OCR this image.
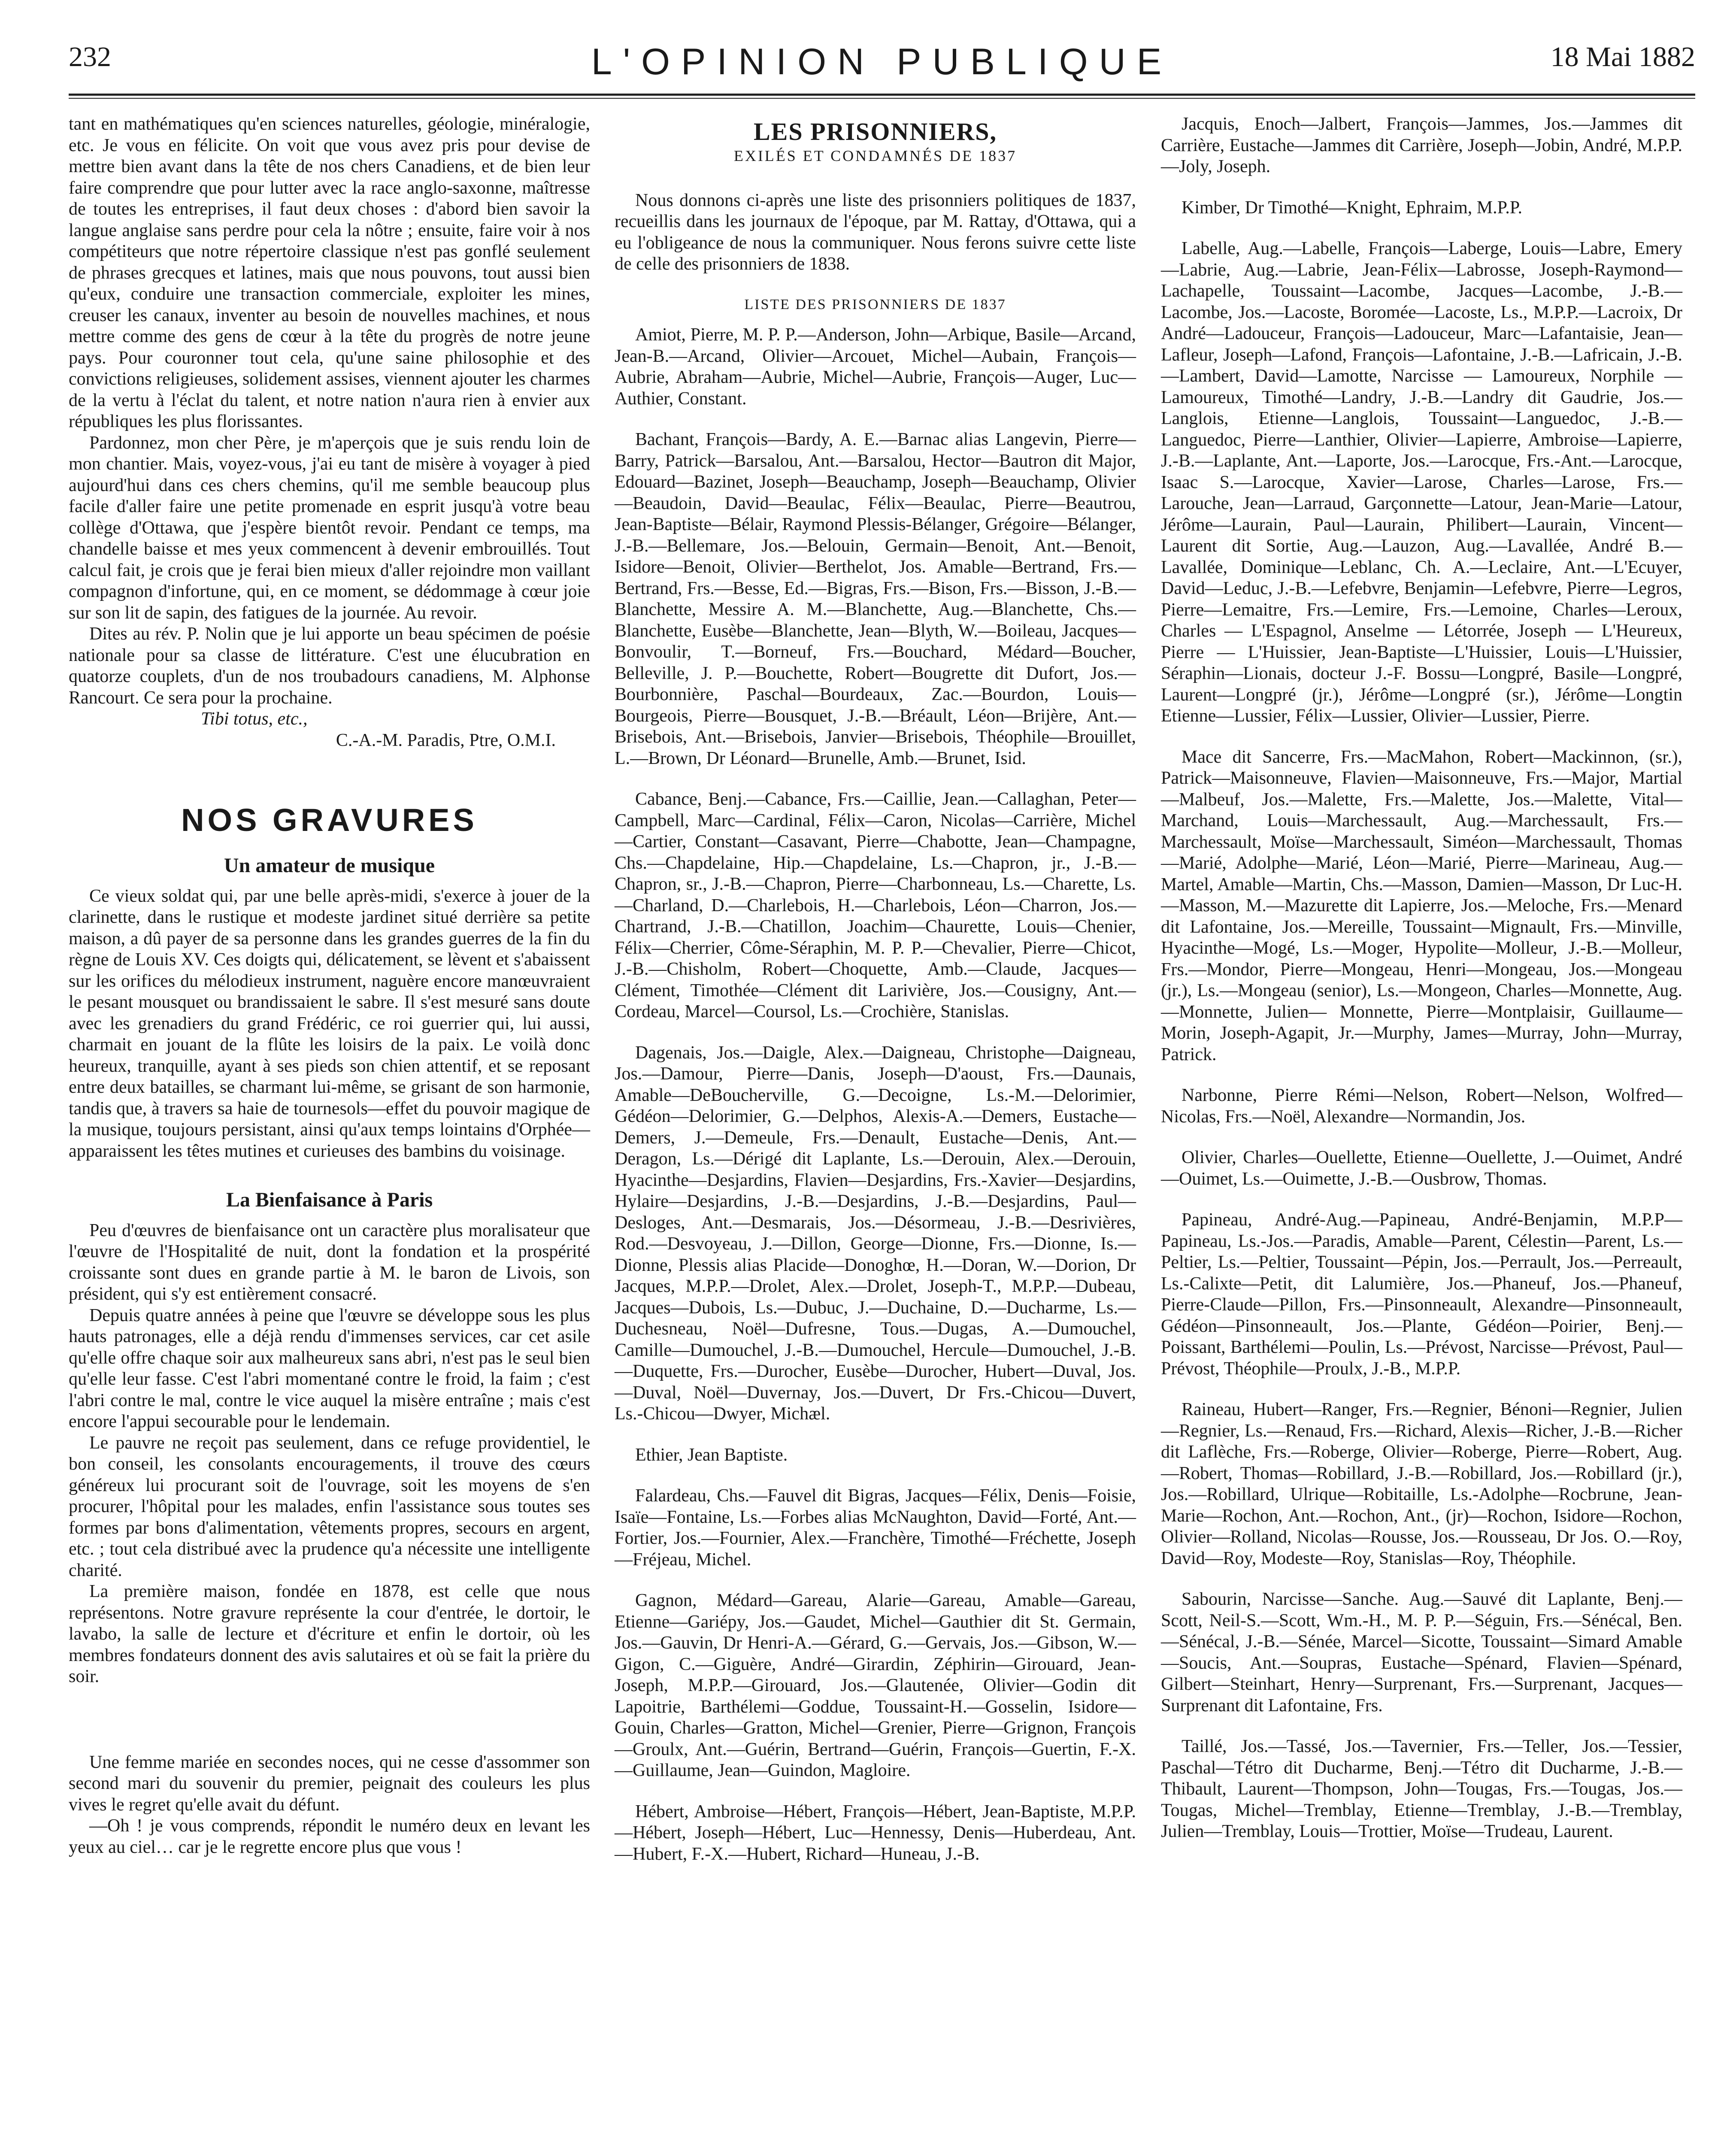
232	L'OPINION PUBLIQUE	18 Mai 1882

tant en mathématiques qu'en sciences naturelles, géologie, minéralogie, etc. Je vous en félicite. On voit que vous avez pris pour devise de mettre bien avant dans la tête de nos chers Canadiens, et de bien leur faire comprendre que pour lutter avec la race anglo-saxonne, maîtresse de toutes les entreprises, il faut deux choses : d'abord bien savoir la langue anglaise sans perdre pour cela la nôtre ; ensuite, faire voir à nos compétiteurs que notre répertoire classique n'est pas gonflé seulement de phrases grecques et latines, mais que nous pouvons, tout aussi bien qu'eux, conduire une transaction commerciale, exploiter les mines, creuser les canaux, inventer au besoin de nouvelles machines, et nous mettre comme des gens de cœur à la tête du progrès de notre jeune pays. Pour couronner tout cela, qu'une saine philosophie et des convictions religieuses, solidement assises, viennent ajouter les charmes de la vertu à l'éclat du talent, et notre nation n'aura rien à envier aux républiques les plus florissantes.

Pardonnez, mon cher Père, je m'aperçois que je suis rendu loin de mon chantier. Mais, voyez-vous, j'ai eu tant de misère à voyager à pied aujourd'hui dans ces chers chemins, qu'il me semble beaucoup plus facile d'aller faire une petite promenade en esprit jusqu'à votre beau collège d'Ottawa, que j'espère bientôt revoir. Pendant ce temps, ma chandelle baisse et mes yeux commencent à devenir embrouillés. Tout calcul fait, je crois que je ferai bien mieux d'aller rejoindre mon vaillant compagnon d'infortune, qui, en ce moment, se dédommage à cœur joie sur son lit de sapin, des fatigues de la journée. Au revoir.

Dites au rév. P. Nolin que je lui apporte un beau spécimen de poésie nationale pour sa classe de littérature. C'est une élucubration en quatorze couplets, d'un de nos troubadours canadiens, M. Alphonse Rancourt. Ce sera pour la prochaine.

Tibi totus, etc.,

C.-A.-M. Paradis, Ptre, O.M.I.

NOS GRAVURES
Un amateur de musique

Ce vieux soldat qui, par une belle après-midi, s'exerce à jouer de la clarinette, dans le rustique et modeste jardinet situé derrière sa petite maison, a dû payer de sa personne dans les grandes guerres de la fin du règne de Louis XV. Ces doigts qui, délicatement, se lèvent et s'abaissent sur les orifices du mélodieux instrument, naguère encore manœuvraient le pesant mousquet ou brandissaient le sabre. Il s'est mesuré sans doute avec les grenadiers du grand Frédéric, ce roi guerrier qui, lui aussi, charmait en jouant de la flûte les loisirs de la paix. Le voilà donc heureux, tranquille, ayant à ses pieds son chien attentif, et se reposant entre deux batailles, se charmant lui-même, se grisant de son harmonie, tandis que, à travers sa haie de tournesols—effet du pouvoir magique de la musique, toujours persistant, ainsi qu'aux temps lointains d'Orphée—apparaissent les têtes mutines et curieuses des bambins du voisinage.

La Bienfaisance à Paris

Peu d'œuvres de bienfaisance ont un caractère plus moralisateur que l'œuvre de l'Hospitalité de nuit, dont la fondation et la prospérité croissante sont dues en grande partie à M. le baron de Livois, son président, qui s'y est entièrement consacré.

Depuis quatre années à peine que l'œuvre se développe sous les plus hauts patronages, elle a déjà rendu d'immenses services, car cet asile qu'elle offre chaque soir aux malheureux sans abri, n'est pas le seul bien qu'elle leur fasse. C'est l'abri momentané contre le froid, la faim ; c'est l'abri contre le mal, contre le vice auquel la misère entraîne ; mais c'est encore l'appui secourable pour le lendemain.

Le pauvre ne reçoit pas seulement, dans ce refuge providentiel, le bon conseil, les consolants encouragements, il trouve des cœurs généreux lui procurant soit de l'ouvrage, soit les moyens de s'en procurer, l'hôpital pour les malades, enfin l'assistance sous toutes ses formes par bons d'alimentation, vêtements propres, secours en argent, etc. ; tout cela distribué avec la prudence qu'a nécessite une intelligente charité.

La première maison, fondée en 1878, est celle que nous représentons. Notre gravure représente la cour d'entrée, le dortoir, le lavabo, la salle de lecture et d'écriture et enfin le dortoir, où les membres fondateurs donnent des avis salutaires et où se fait la prière du soir.

Une femme mariée en secondes noces, qui ne cesse d'assommer son second mari du souvenir du premier, peignait des couleurs les plus vives le regret qu'elle avait du défunt.

—Oh ! je vous comprends, répondit le numéro deux en levant les yeux au ciel… car je le regrette encore plus que vous !

LES PRISONNIERS,
EXILÉS ET CONDAMNÉS DE 1837

Nous donnons ci-après une liste des prisonniers politiques de 1837, recueillis dans les journaux de l'époque, par M. Rattay, d'Ottawa, qui a eu l'obligeance de nous la communiquer. Nous ferons suivre cette liste de celle des prisonniers de 1838.

LISTE DES PRISONNIERS DE 1837

Amiot, Pierre, M. P. P.—Anderson, John—Arbique, Basile—Arcand, Jean-B.—Arcand, Olivier—Arcouet, Michel—Aubain, François—Aubrie, Abraham—Aubrie, Michel—Aubrie, François—Auger, Luc—Authier, Constant.

Bachant, François—Bardy, A. E.—Barnac alias Langevin, Pierre—Barry, Patrick—Barsalou, Ant.—Barsalou, Hector—Bautron dit Major, Edouard—Bazinet, Joseph—Beauchamp, Joseph—Beauchamp, Olivier—Beaudoin, David—Beaulac, Félix—Beaulac, Pierre—Beautrou, Jean-Baptiste—Bélair, Raymond Plessis-Bélanger, Grégoire—Bélanger, J.-B.—Bellemare, Jos.—Belouin, Germain—Benoit, Ant.—Benoit, Isidore—Benoit, Olivier—Berthelot, Jos. Amable—Bertrand, Frs.—Bertrand, Frs.—Besse, Ed.—Bigras, Frs.—Bison, Frs.—Bisson, J.-B.—Blanchette, Messire A. M.—Blanchette, Aug.—Blanchette, Chs.—Blanchette, Eusèbe—Blanchette, Jean—Blyth, W.—Boileau, Jacques—Bonvoulir, T.—Borneuf, Frs.—Bouchard, Médard—Boucher, Belleville, J. P.—Bouchette, Robert—Bougrette dit Dufort, Jos.—Bourbonnière, Paschal—Bourdeaux, Zac.—Bourdon, Louis—Bourgeois, Pierre—Bousquet, J.-B.—Bréault, Léon—Brijère, Ant.—Brisebois, Ant.—Brisebois, Janvier—Brisebois, Théophile—Brouillet, L.—Brown, Dr Léonard—Brunelle, Amb.—Brunet, Isid.

Cabance, Benj.—Cabance, Frs.—Caillie, Jean.—Callaghan, Peter—Campbell, Marc—Cardinal, Félix—Caron, Nicolas—Carrière, Michel—Cartier, Constant—Casavant, Pierre—Chabotte, Jean—Champagne, Chs.—Chapdelaine, Hip.—Chapdelaine, Ls.—Chapron, jr., J.-B.—Chapron, sr., J.-B.—Chapron, Pierre—Charbonneau, Ls.—Charette, Ls.—Charland, D.—Charlebois, H.—Charlebois, Léon—Charron, Jos.—Chartrand, J.-B.—Chatillon, Joachim—Chaurette, Louis—Chenier, Félix—Cherrier, Côme-Séraphin, M. P. P.—Chevalier, Pierre—Chicot, J.-B.—Chisholm, Robert—Choquette, Amb.—Claude, Jacques—Clément, Timothée—Clément dit Larivière, Jos.—Cousigny, Ant.—Cordeau, Marcel—Coursol, Ls.—Crochière, Stanislas.

Dagenais, Jos.—Daigle, Alex.—Daigneau, Christophe—Daigneau, Jos.—Damour, Pierre—Danis, Joseph—D'aoust, Frs.—Daunais, Amable—DeBoucherville, G.—Decoigne, Ls.-M.—Delorimier, Gédéon—Delorimier, G.—Delphos, Alexis-A.—Demers, Eustache—Demers, J.—Demeule, Frs.—Denault, Eustache—Denis, Ant.—Deragon, Ls.—Dérigé dit Laplante, Ls.—Derouin, Alex.—Derouin, Hyacinthe—Desjardins, Flavien—Desjardins, Frs.-Xavier—Desjardins, Hylaire—Desjardins, J.-B.—Desjardins, J.-B.—Desjardins, Paul—Desloges, Ant.—Desmarais, Jos.—Désormeau, J.-B.—Desrivières, Rod.—Desvoyeau, J.—Dillon, George—Dionne, Frs.—Dionne, Is.—Dionne, Plessis alias Placide—Donoghœ, H.—Doran, W.—Dorion, Dr Jacques, M.P.P.—Drolet, Alex.—Drolet, Joseph-T., M.P.P.—Dubeau, Jacques—Dubois, Ls.—Dubuc, J.—Duchaine, D.—Ducharme, Ls.—Duchesneau, Noël—Dufresne, Tous.—Dugas, A.—Dumouchel, Camille—Dumouchel, J.-B.—Dumouchel, Hercule—Dumouchel, J.-B.—Duquette, Frs.—Durocher, Eusèbe—Durocher, Hubert—Duval, Jos.—Duval, Noël—Duvernay, Jos.—Duvert, Dr Frs.-Chicou—Duvert, Ls.-Chicou—Dwyer, Michæl.

Ethier, Jean Baptiste.

Falardeau, Chs.—Fauvel dit Bigras, Jacques—Félix, Denis—Foisie, Isaïe—Fontaine, Ls.—Forbes alias McNaughton, David—Forté, Ant.—Fortier, Jos.—Fournier, Alex.—Franchère, Timothé—Fréchette, Joseph—Fréjeau, Michel.

Gagnon, Médard—Gareau, Alarie—Gareau, Amable—Gareau, Etienne—Gariépy, Jos.—Gaudet, Michel—Gauthier dit St. Germain, Jos.—Gauvin, Dr Henri-A.—Gérard, G.—Gervais, Jos.—Gibson, W.—Gigon, C.—Giguère, André—Girardin, Zéphirin—Girouard, Jean-Joseph, M.P.P.—Girouard, Jos.—Glautenée, Olivier—Godin dit Lapoitrie, Barthélemi—Goddue, Toussaint-H.—Gosselin, Isidore—Gouin, Charles—Gratton, Michel—Grenier, Pierre—Grignon, François—Groulx, Ant.—Guérin, Bertrand—Guérin, François—Guertin, F.-X.—Guillaume, Jean—Guindon, Magloire.

Hébert, Ambroise—Hébert, François—Hébert, Jean-Baptiste, M.P.P.—Hébert, Joseph—Hébert, Luc—Hennessy, Denis—Huberdeau, Ant.—Hubert, F.-X.—Hubert, Richard—Huneau, J.-B.

Jacquis, Enoch—Jalbert, François—Jammes, Jos.—Jammes dit Carrière, Eustache—Jammes dit Carrière, Joseph—Jobin, André, M.P.P.—Joly, Joseph.

Kimber, Dr Timothé—Knight, Ephraim, M.P.P.

Labelle, Aug.—Labelle, François—Laberge, Louis—Labre, Emery—Labrie, Aug.—Labrie, Jean-Félix—Labrosse, Joseph-Raymond—Lachapelle, Toussaint—Lacombe, Jacques—Lacombe, J.-B.—Lacombe, Jos.—Lacoste, Boromée—Lacoste, Ls., M.P.P.—Lacroix, Dr André—Ladouceur, François—Ladouceur, Marc—Lafantaisie, Jean—Lafleur, Joseph—Lafond, François—Lafontaine, J.-B.—Lafricain, J.-B.—Lambert, David—Lamotte, Narcisse — Lamoureux, Norphile — Lamoureux, Timothé—Landry, J.-B.—Landry dit Gaudrie, Jos.—Langlois, Etienne—Langlois, Toussaint—Languedoc, J.-B.—Languedoc, Pierre—Lanthier, Olivier—Lapierre, Ambroise—Lapierre, J.-B.—Laplante, Ant.—Laporte, Jos.—Larocque, Frs.-Ant.—Larocque, Isaac S.—Larocque, Xavier—Larose, Charles—Larose, Frs.—Larouche, Jean—Larraud, Garçonnette—Latour, Jean-Marie—Latour, Jérôme—Laurain, Paul—Laurain, Philibert—Laurain, Vincent—Laurent dit Sortie, Aug.—Lauzon, Aug.—Lavallée, André B.—Lavallée, Dominique—Leblanc, Ch. A.—Leclaire, Ant.—L'Ecuyer, David—Leduc, J.-B.—Lefebvre, Benjamin—Lefebvre, Pierre—Legros, Pierre—Lemaitre, Frs.—Lemire, Frs.—Lemoine, Charles—Leroux, Charles — L'Espagnol, Anselme — Létorrée, Joseph — L'Heureux, Pierre — L'Huissier, Jean-Baptiste—L'Huissier, Louis—L'Huissier, Séraphin—Lionais, docteur J.-F. Bossu—Longpré, Basile—Longpré, Laurent—Longpré (jr.), Jérôme—Longpré (sr.), Jérôme—Longtin Etienne—Lussier, Félix—Lussier, Olivier—Lussier, Pierre.

Mace dit Sancerre, Frs.—MacMahon, Robert—Mackinnon, (sr.), Patrick—Maisonneuve, Flavien—Maisonneuve, Frs.—Major, Martial—Malbeuf, Jos.—Malette, Frs.—Malette, Jos.—Malette, Vital—Marchand, Louis—Marchessault, Aug.—Marchessault, Frs.—Marchessault, Moïse—Marchessault, Siméon—Marchessault, Thomas—Marié, Adolphe—Marié, Léon—Marié, Pierre—Marineau, Aug.—Martel, Amable—Martin, Chs.—Masson, Damien—Masson, Dr Luc-H.—Masson, M.—Mazurette dit Lapierre, Jos.—Meloche, Frs.—Menard dit Lafontaine, Jos.—Mereille, Toussaint—Mignault, Frs.—Minville, Hyacinthe—Mogé, Ls.—Moger, Hypolite—Molleur, J.-B.—Molleur, Frs.—Mondor, Pierre—Mongeau, Henri—Mongeau, Jos.—Mongeau (jr.), Ls.—Mongeau (senior), Ls.—Mongeon, Charles—Monnette, Aug.—Monnette, Julien— Monnette, Pierre—Montplaisir, Guillaume—Morin, Joseph-Agapit, Jr.—Murphy, James—Murray, John—Murray, Patrick.

Narbonne, Pierre Rémi—Nelson, Robert—Nelson, Wolfred—Nicolas, Frs.—Noël, Alexandre—Normandin, Jos.

Olivier, Charles—Ouellette, Etienne—Ouellette, J.—Ouimet, André—Ouimet, Ls.—Ouimette, J.-B.—Ousbrow, Thomas.

Papineau, André-Aug.—Papineau, André-Benjamin, M.P.P—Papineau, Ls.-Jos.—Paradis, Amable—Parent, Célestin—Parent, Ls.—Peltier, Ls.—Peltier, Toussaint—Pépin, Jos.—Perrault, Jos.—Perreault, Ls.-Calixte—Petit, dit Lalumière, Jos.—Phaneuf, Jos.—Phaneuf, Pierre-Claude—Pillon, Frs.—Pinsonneault, Alexandre—Pinsonneault, Gédéon—Pinsonneault, Jos.—Plante, Gédéon—Poirier, Benj.—Poissant, Barthélemi—Poulin, Ls.—Prévost, Narcisse—Prévost, Paul—Prévost, Théophile—Proulx, J.-B., M.P.P.

Raineau, Hubert—Ranger, Frs.—Regnier, Bénoni—Regnier, Julien—Regnier, Ls.—Renaud, Frs.—Richard, Alexis—Richer, J.-B.—Richer dit Laflèche, Frs.—Roberge, Olivier—Roberge, Pierre—Robert, Aug.—Robert, Thomas—Robillard, J.-B.—Robillard, Jos.—Robillard (jr.), Jos.—Robillard, Ulrique—Robitaille, Ls.-Adolphe—Rocbrune, Jean-Marie—Rochon, Ant.—Rochon, Ant., (jr)—Rochon, Isidore—Rochon, Olivier—Rolland, Nicolas—Rousse, Jos.—Rousseau, Dr Jos. O.—Roy, David—Roy, Modeste—Roy, Stanislas—Roy, Théophile.

Sabourin, Narcisse—Sanche. Aug.—Sauvé dit Laplante, Benj.—Scott, Neil-S.—Scott, Wm.-H., M. P. P.—Séguin, Frs.—Sénécal, Ben.—Sénécal, J.-B.—Sénée, Marcel—Sicotte, Toussaint—Simard Amable—Soucis, Ant.—Soupras, Eustache—Spénard, Flavien—Spénard, Gilbert—Steinhart, Henry—Surprenant, Frs.—Surprenant, Jacques—Surprenant dit Lafontaine, Frs.

Taillé, Jos.—Tassé, Jos.—Tavernier, Frs.—Teller, Jos.—Tessier, Paschal—Tétro dit Ducharme, Benj.—Tétro dit Ducharme, J.-B.—Thibault, Laurent—Thompson, John—Tougas, Frs.—Tougas, Jos.—Tougas, Michel—Tremblay, Etienne—Tremblay, J.-B.—Tremblay, Julien—Tremblay, Louis—Trottier, Moïse—Trudeau, Laurent.
